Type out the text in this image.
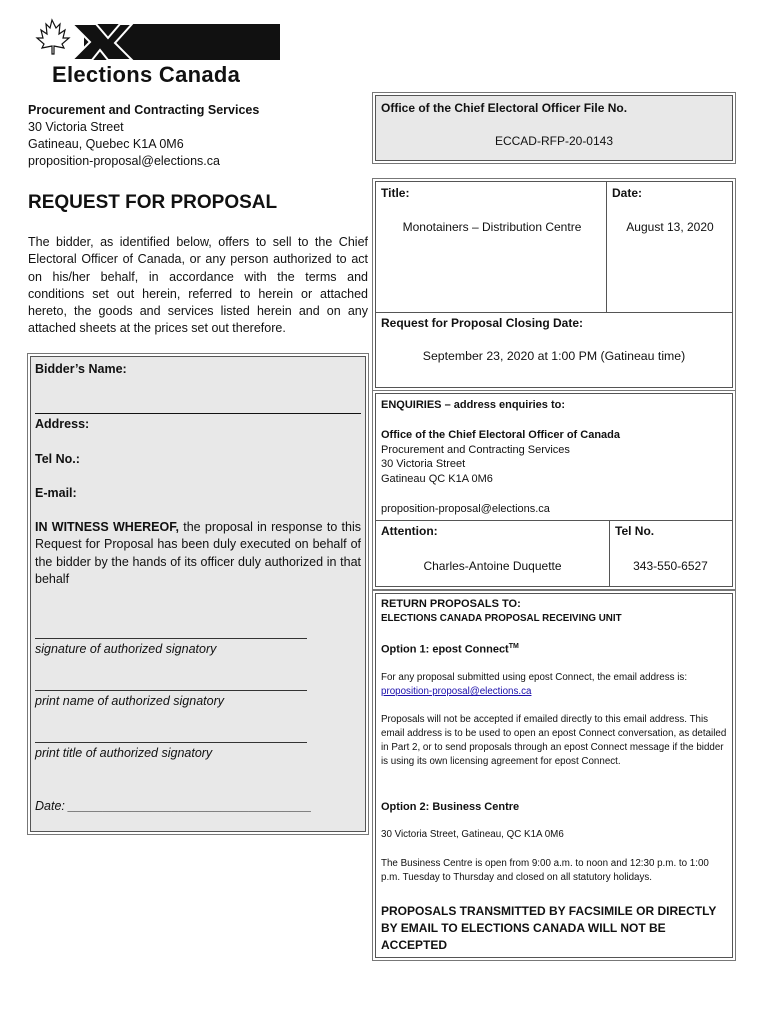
Elections Canada
Procurement and Contracting Services
30 Victoria Street
Gatineau, Quebec K1A 0M6
proposition-proposal@elections.ca
REQUEST FOR PROPOSAL
The bidder, as identified below, offers to sell to the Chief Electoral Officer of Canada, or any person authorized to act on his/her behalf, in accordance with the terms and conditions set out herein, referred to herein or attached hereto, the goods and services listed herein and on any attached sheets at the prices set out therefore.
Bidder’s Name:
Address:
Tel No.:
E-mail:
IN WITNESS WHEREOF, the proposal in response to this Request for Proposal has been duly executed on behalf of the bidder by the hands of its officer duly authorized in that behalf
signature of authorized signatory
print name of authorized signatory
print title of authorized signatory
Date: ___________________________________
Office of the Chief Electoral Officer File No.
ECCAD-RFP-20-0143
Title:
Monotainers – Distribution Centre
Date:
August 13, 2020
Request for Proposal Closing Date:
September 23, 2020 at 1:00 PM (Gatineau time)
ENQUIRIES – address enquiries to:
Office of the Chief Electoral Officer of Canada
Procurement and Contracting Services
30 Victoria Street
Gatineau QC K1A 0M6
proposition-proposal@elections.ca
Attention:
Charles-Antoine Duquette
Tel No.
343-550-6527
RETURN PROPOSALS TO:
ELECTIONS CANADA PROPOSAL RECEIVING UNIT
Option 1: epost Connect™
For any proposal submitted using epost Connect, the email address is:
proposition-proposal@elections.ca
Proposals will not be accepted if emailed directly to this email address. This email address is to be used to open an epost Connect conversation, as detailed in Part 2, or to send proposals through an epost Connect message if the bidder is using its own licensing agreement for epost Connect.
Option 2: Business Centre
30 Victoria Street, Gatineau, QC K1A 0M6
The Business Centre is open from 9:00 a.m. to noon and 12:30 p.m. to 1:00 p.m. Tuesday to Thursday and closed on all statutory holidays.
PROPOSALS TRANSMITTED BY FACSIMILE OR DIRECTLY BY EMAIL TO ELECTIONS CANADA WILL NOT BE ACCEPTED
